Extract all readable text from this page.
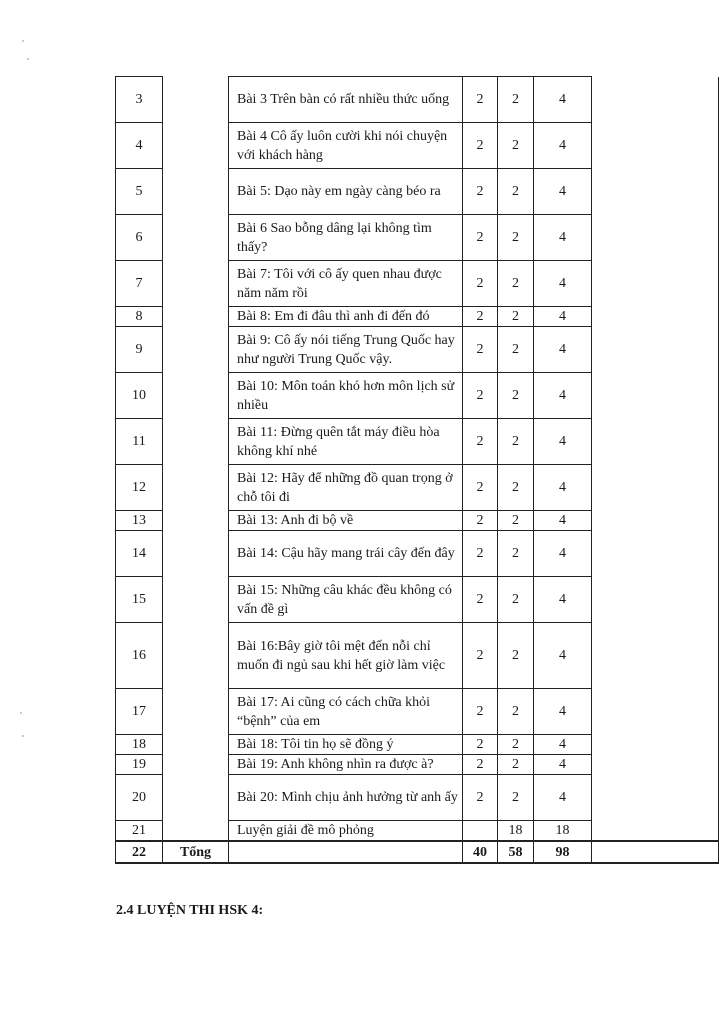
3		Bài 3 Trên bàn có rất nhiều thức uống	2	2	4	
4		Bài 4 Cô ấy luôn cười khi nói chuyện với khách hàng	2	2	4	
5		Bài 5: Dạo này em ngày càng béo ra	2	2	4	
6		Bài 6 Sao bỗng dâng lại không tìm thấy?	2	2	4	
7		Bài 7: Tôi với cô ấy quen nhau được năm năm rồi	2	2	4	
8		Bài 8: Em đi đâu thì anh đi đến đó	2	2	4	
9		Bài 9: Cô ấy nói tiếng Trung Quốc hay như người Trung Quốc vậy.	2	2	4	
10		Bài 10: Môn toán khó hơn môn lịch sử nhiều	2	2	4	
11		Bài 11: Đừng quên tắt máy điều hòa không khí nhé	2	2	4	
12		Bài 12: Hãy để những đồ quan trọng ở chỗ tôi đi	2	2	4	
13		Bài 13: Anh đi bộ về	2	2	4	
14		Bài 14: Cậu hãy mang trái cây đến đây	2	2	4	
15		Bài 15: Những câu khác đều không có vấn đề gì	2	2	4	
16		Bài 16:Bây giờ tôi mệt đến nỗi chỉ muốn đi ngủ sau khi hết giờ làm việc	2	2	4	
17		Bài 17: Ai cũng có cách chữa khỏi “bệnh” của em	2	2	4	
18		Bài 18: Tôi tin họ sẽ đồng ý	2	2	4	
19		Bài 19: Anh không nhìn ra được à?	2	2	4	
20		Bài 20: Mình chịu ảnh hưởng từ anh ấy	2	2	4	
21		Luyện giải đề mô phỏng		18	18	
22	Tổng		40	58	98	
2.4 LUYỆN THI HSK 4:
